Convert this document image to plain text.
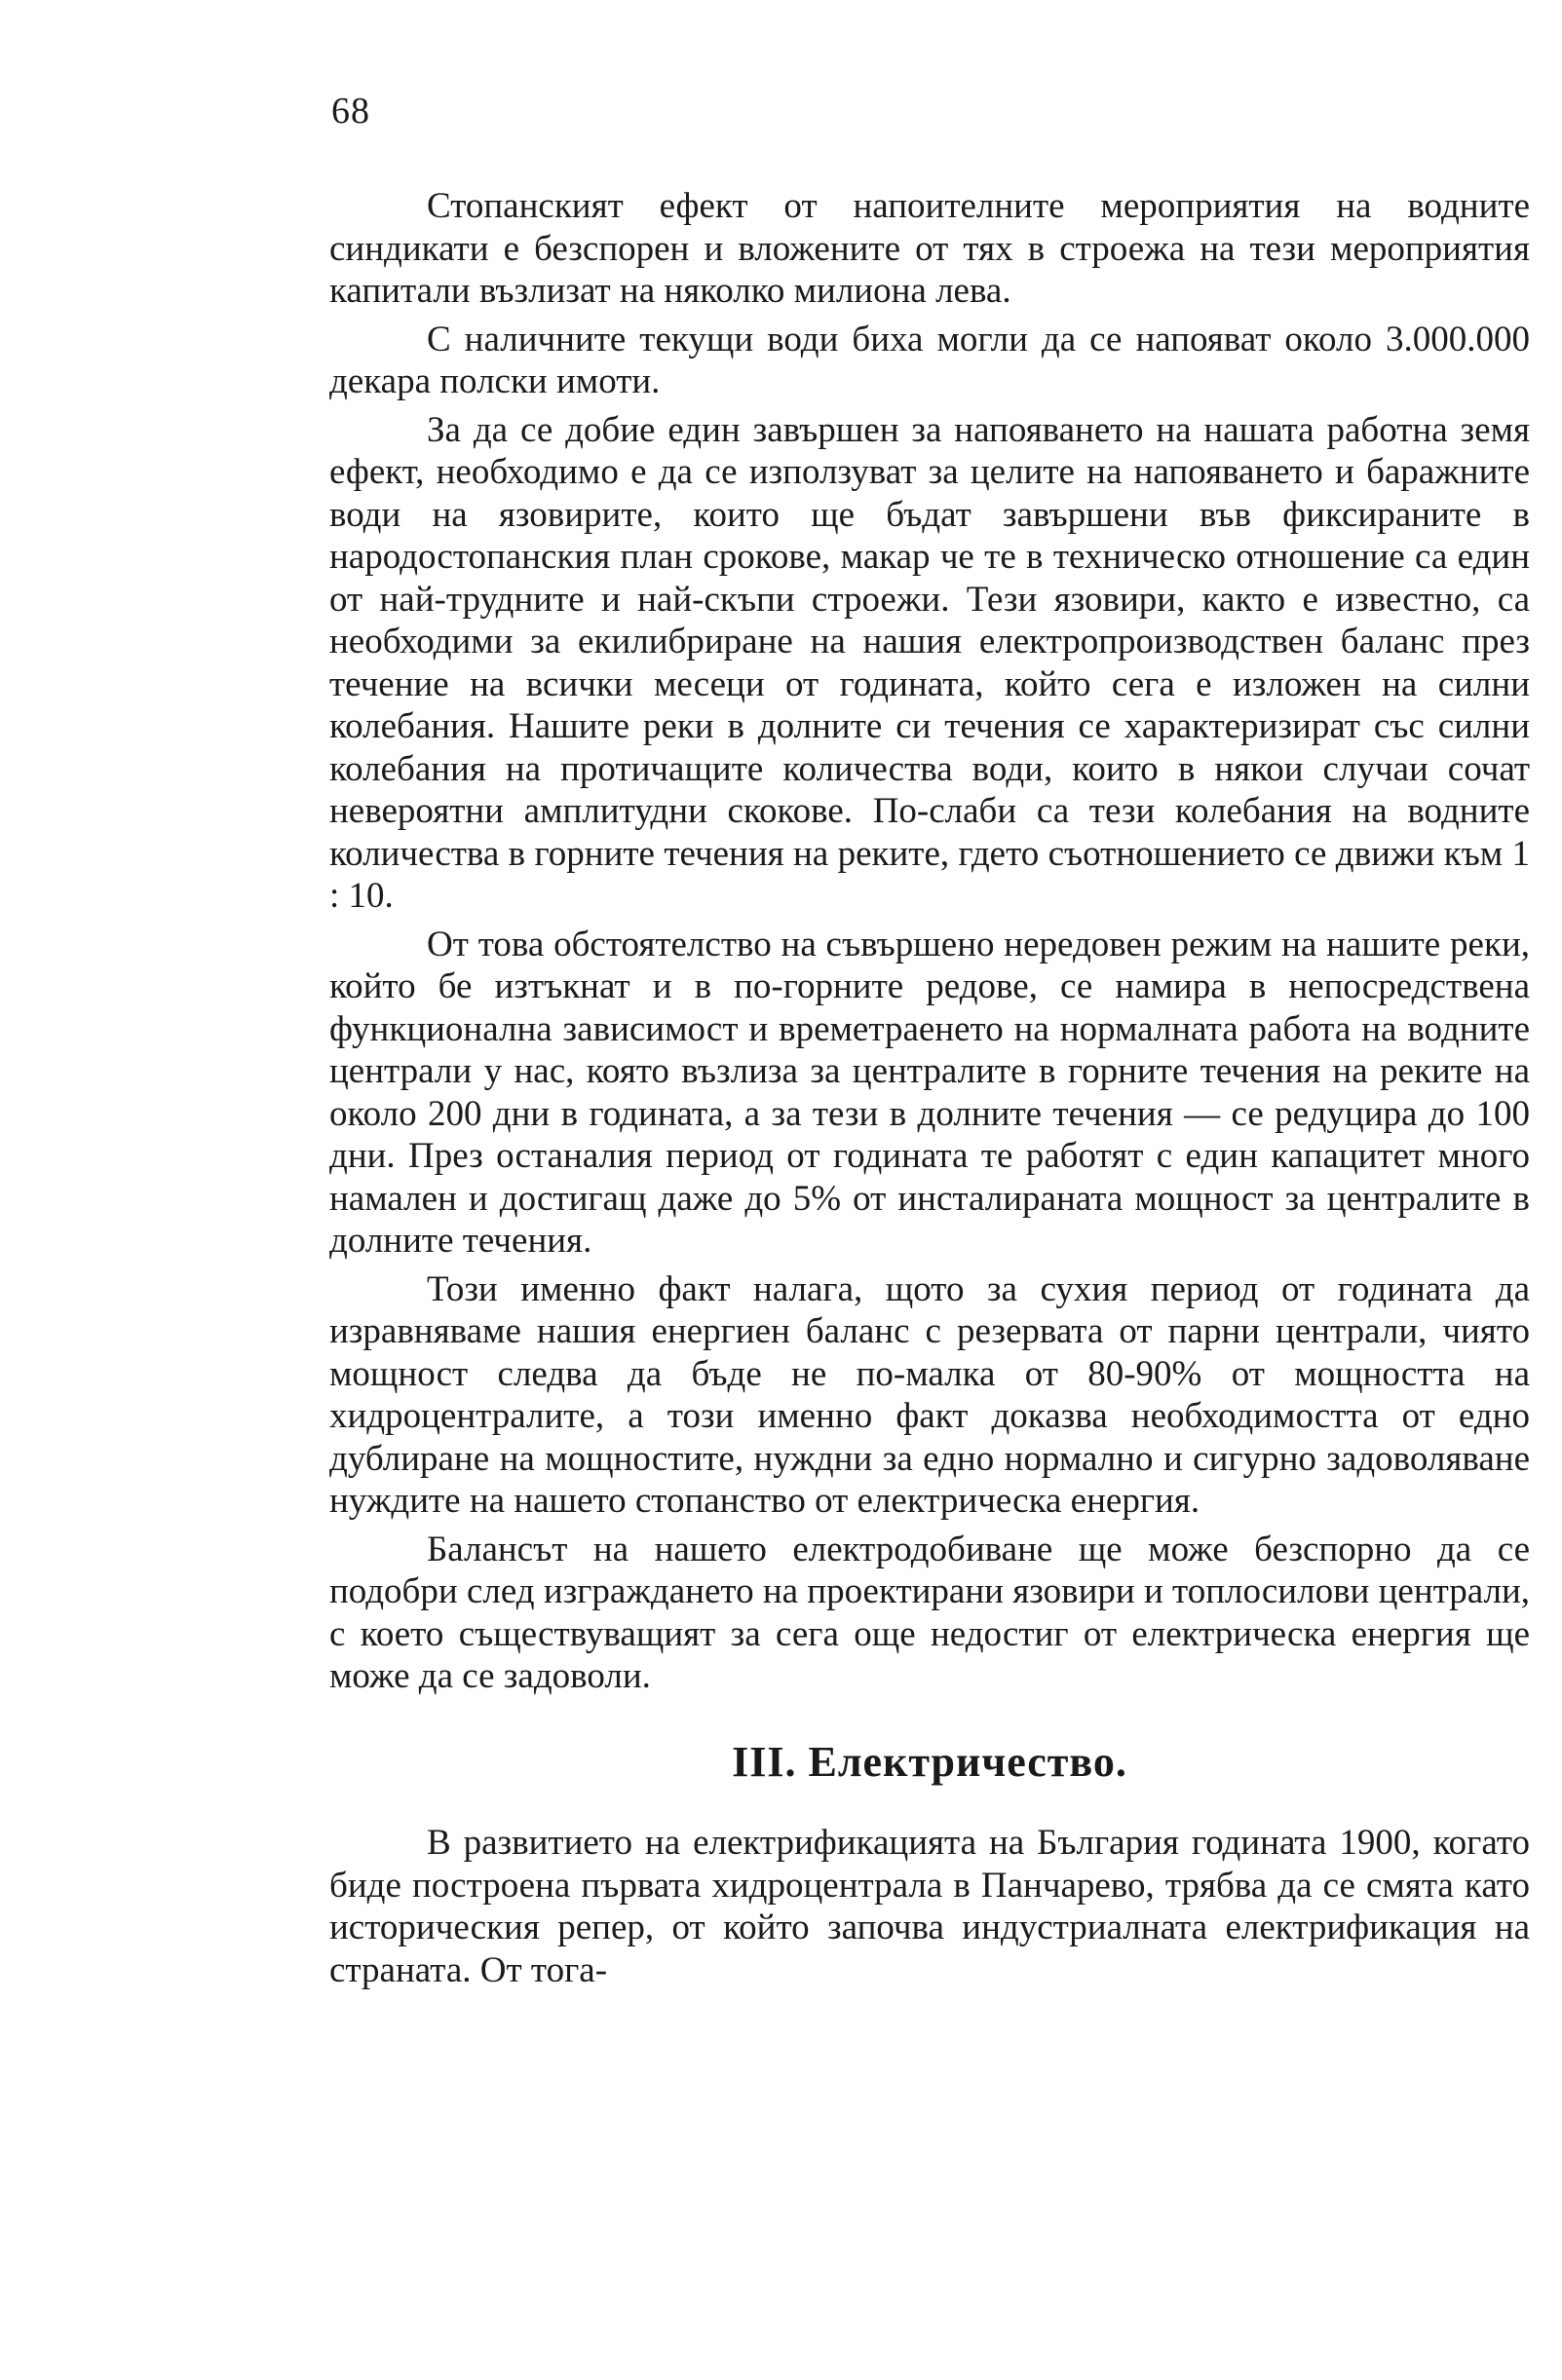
68

Стопанският ефект от напоителните мероприятия на водните синдикати е безспорен и вложените от тях в строежа на тези мероприятия капитали възлизат на няколко милиона лева.

С наличните текущи води биха могли да се напояват около 3.000.000 декара полски имоти.

За да се добие един завършен за напояването на нашата работна земя ефект, необходимо е да се използуват за целите на напояването и баражните води на язовирите, които ще бъдат завършени във фиксираните в народостопанския план срокове, макар че те в техническо отношение са един от най-трудните и най-скъпи строежи. Тези язовири, както е известно, са необходими за екилибриране на нашия електропроизводствен баланс през течение на всички месеци от годината, който сега е изложен на силни колебания. Нашите реки в долните си течения се характеризират със силни колебания на протичащите количества води, които в някои случаи сочат невероятни амплитудни скокове. По-слаби са тези колебания на водните количества в горните течения на реките, гдето съотношението се движи към 1 : 10.

От това обстоятелство на съвършено нередовен режим на нашите реки, който бе изтъкнат и в по-горните редове, се намира в непосредствена функционална зависимост и времетраенето на нормалната работа на водните централи у нас, която възлиза за централите в горните течения на реките на около 200 дни в годината, а за тези в долните течения — се редуцира до 100 дни. През останалия период от годината те работят с един капацитет много намален и достигащ даже до 5% от инсталираната мощност за централите в долните течения.

Този именно факт налага, щото за сухия период от годината да изравняваме нашия енергиен баланс с резервата от парни централи, чиято мощност следва да бъде не по-малка от 80-90% от мощността на хидроцентралите, а този именно факт доказва необходимостта от едно дублиране на мощностите, нуждни за едно нормално и сигурно задоволяване нуждите на нашето стопанство от електрическа енергия.

Балансът на нашето електродобиване ще може безспорно да се подобри след изграждането на проектирани язовири и топлосилови централи, с което съществуващият за сега още недостиг от електрическа енергия ще може да се задоволи.

III. Електричество.

В развитието на електрификацията на България годината 1900, когато биде построена първата хидроцентрала в Панчарево, трябва да се смята като историческия репер, от който започва индустриалната електрификация на страната. От тога-
